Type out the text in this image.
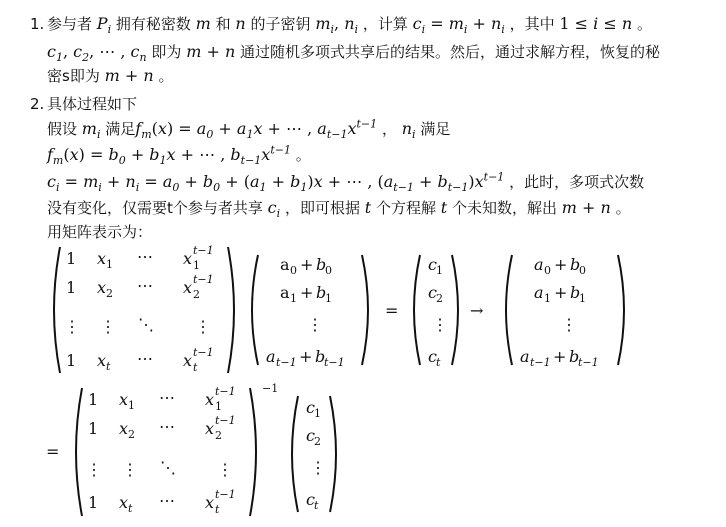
1. 参与者 $P_i$ 拥有秘密数 m 和 n 的子密钥 $m_i$, $n_i$ ，计算 $c_i = m_i + n_i$ ，其中 1 ≤ i ≤ n 。
$c_1$, $c_2$, ⋯ , $c_n$ 即为 m + n 通过随机多项式共享后的结果。然后，通过求解方程，恢复的秘
密s即为 m + n 。
2. 具体过程如下
假设 $m_i$ 满足$f_m(x) = a_0 + a_1x$ + ⋯ , $a_{t-1}x^{t-1}$ ， $n_i$ 满足
$f_m(x) = b_0 + b_1x$ + ⋯ , $b_{t-1}x^{t-1}$ 。
$c_i = m_i + n_i = a_0 + b_0 + (a_1 + b_1)x$ + ⋯ , $(a_{t-1} + b_{t-1})x^{t-1}$ ，此时，多项式次数
没有变化，仅需要t个参与者共享 $c_i$ ，即可根据 t 个方程解 t 个未知数，解出 m + n 。
用矩阵表示为：
1 x 1 ⋯ x 1
t−1
1 x 2 ⋯ x 2
t−1
⋮ ⋮ ⋱	⋮
1 x t ⋯ x t
t−1
a 0 + b
0
a 1 + b
1
⋮
a t−1 + b
t−1
=
c 1
c 2
⋮
c t
→
a 0 + b
0
a 1 + b
1
⋮
a t−1 + b
t−1
=
1 x 1 ⋯ x 1
t−1
1 x 2 ⋯ x 2
t−1
⋮ ⋮ ⋱	⋮
1 x t ⋯ x t
t−1
−1
c 1
c 2
⋮
c t
